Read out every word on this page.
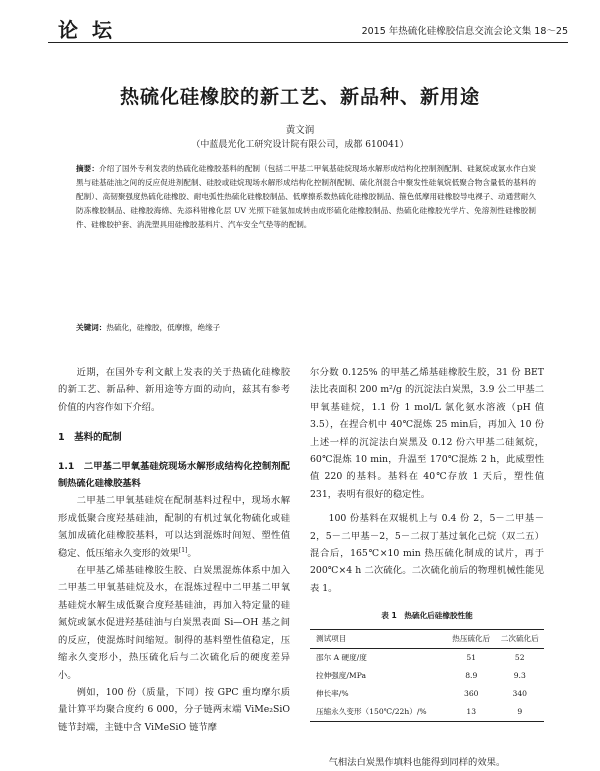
论坛	2015 年热硫化硅橡胶信息交流会论文集 18～25
热硫化硅橡胶的新工艺、新品种、新用途
黄文润
（中蓝晨光化工研究设计院有限公司，成都 610041）
摘要：介绍了国外专利发表的热硫化硅橡胶基料的配制（包括二甲基二甲氧基硅烷现场水解形成结构化控制剂配制、硅氮烷或氯水作白炭黑与硅基硅油之间的反应促进剂配制、硅胶或硅烷现场水解形成结构化控制剂配制、硫化剂混合中聚发性硅氧烷低聚合物含量低的基料的配制）、高韧聚强度热硫化硅橡胶、耐电弧性热硫化硅橡胶制品、低摩擦系数热硫化硅橡胶制品、箍色低摩用硅橡胶导电裸子、动通营耐久防冻橡胶制品、硅橡胶海绵、先添科钳橡化层 UV 光照下硅氢加成转由成形硫化硅橡胶制品、热硫化硅橡胶光学片、免溶剂性硅橡胶制件、硅橡胶护套、消洗塑具用硅橡胶基料片、汽车安全气垫等的配制。
关键词：热硫化，硅橡胶，低摩擦，绝缘子

近期，在国外专利文献上发表的关于热硫化硅橡胶的新工艺、新品种、新用途等方面的动向，兹其有参考价值的内容作如下介绍。

1　基料的配制
1.1　二甲基二甲氧基硅烷现场水解形成结构化控制剂配制热硫化硅橡胶基料

二甲基二甲氧基硅烷在配制基料过程中，现场水解形成低聚合度羟基硅油，配制的有机过氧化物硫化或硅氢加成硫化硅橡胶基料，可以达到混炼时间短、塑性值稳定、低压缩永久变形的效果[1]。

在甲基乙烯基硅橡胶生胶、白炭黑混炼体系中加入二甲基二甲氧基硅烷及水，在混炼过程中二甲基二甲氧基硅烷水解生成低聚合度羟基硅油，再加入特定量的硅氮烷或氯水促进羟基硅油与白炭黑表面 Si—OH 基之间的反应，使混炼时间缩短。制得的基料塑性值稳定，压缩永久变形小，热压硫化后与二次硫化后的硬度差异小。

例如，100 份（质量，下同）按 GPC 重均摩尔质量计算平均聚合度约 6 000，分子链两末端 ViMe₂SiO 链节封端，主链中含 ViMeSiO 链节摩

尔分数 0.125% 的甲基乙烯基硅橡胶生胶，31 份 BET 法比表面积 200 m²/g 的沉淀法白炭黑，3.9 公二甲基二甲氧基硅烷，1.1 份 1 mol/L 氯化氨水溶液（pH 值 3.5），在捏合机中 40℃混炼 25 min后，再加入 10 份上述一样的沉淀法白炭黑及 0.12 份六甲基二硅氮烷，60℃混炼 10 min，升温至 170℃混炼 2 h，此威塑性值 220 的基料。基料在 40℃存放 1 天后，塑性值 231，表明有很好的稳定性。

100 份基料在双辊机上与 0.4 份 2，5－二甲基－2，5－二甲基－2，5－二叔丁基过氧化己烷（双二五）混合后，165℃×10 min 热压硫化制成的试片，再于 200℃×4 h 二次硫化。二次硫化前后的物理机械性能见表 1。

表 1　热硫化后硅橡胶性能
测试项目	热压硫化后	二次硫化后
邵尔 A 硬度/度	51	52
拉伸强度/MPa	8.9	9.3
伸长率/%	360	340
压缩永久变形（150℃/22h）/%	13	9

气相法白炭黑作填料也能得到同样的效果。
